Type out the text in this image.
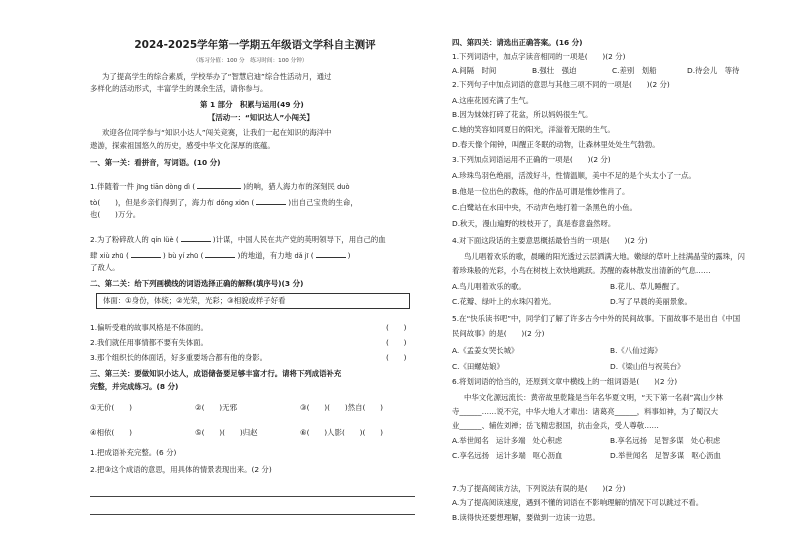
2024-2025学年第一学期五年级语文学科自主测评
（练习分值：100 分　练习时间：100 分钟）
为了提高学生的综合素质，学校举办了“智慧启迪”综合性活动月，通过
多样化的活动形式，丰富学生的课余生活，请你参与。
第 1 部分　积累与运用(49 分)
【活动一：“知识达人”小闯关】
欢迎各位同学参与“知识小达人”闯关竞赛，让我们一起在知识的海洋中
遨游，探索祖国悠久的历史，感受中华文化深厚的底蕴。
一、第一关：看拼音，写词语。(10 分)
1.伴随着一件 jīng tiān dòng dì (	)的响，猎人海力布的深刻民 duò
tò(　　)，但是乡亲们得到了，海力布 dǒng xiōn (	)出自己宝贵的生命，
也(　　)万分。
2.为了粉碎敌人的 qín lüè (	)计谋，中国人民在共产党的英明领导下，用自己的血
肆 xiù zhū (	) bù yí zhū (	)的地道，有力地 dǎ jī (	)
了敌人。
二、第二关：给下列画横线的词语选择正确的解释(填序号)(3 分)
体面：①身份，体统；②光荣，光彩；③相貌或样子好看
1.偏听受难的故事风格是不体面的。	(　　)
2.我们就任用事情都不要有失体面。	(　　)
3.那个组织长的体面话，好多重要场合都有他的身影。	(　　)
三、第三关：要做知识小达人，成语储备要足够丰富才行。请将下列成语补充
完整，并完成练习。(8 分)
①无价(　　)	②(　　)无邪	③(　　)(　　)然自(　　)
④相依(　　)	⑤(　　)(　　)归赵	⑥(　　)人影(　　)(　　)
1.把成语补充完整。(6 分)
2.把③这个成语的意思，用具体的情景表现出来。(2 分)
四、第四关：请选出正确答案。(16 分)
1.下列词语中，加点字读音相同的一项是(　　)(2 分)
A.间隔　时间	B.强壮　强迫	C.差别　划船	D.待会儿　等待
2.下列句子中加点词语的意思与其他三项不同的一项是(　　)(2 分)
A.这座花园充满了生气。
B.因为妹妹打碎了花盆，所以妈妈很生气。
C.她的笑容如同夏日的阳光，洋溢着无限的生气。
D.春天像个闹钟，叫醒正冬眠的动物，让森林里处处生气勃勃。
3.下列加点词语运用不正确的一项是(　　)(2 分)
A.珍珠鸟羽色绝丽，活泼好斗，性情温顺，美中不足的是个头太小了一点。
B.他是一位出色的教练，他的作品可谓是惟妙惟肖了。
C.白鹭站在水田中央，不动声色地打着一条黑色的小鱼。
D.秋天，漫山遍野的枝枝开了，真是春意盎然呀。
4.对下面这段话的主要意思概括最恰当的一项是(　　)(2 分)
鸟儿唱着欢乐的歌，晨曦的阳光透过云层洒满大地。嫩绿的草叶上挂满晶莹的露珠，闪
着珍珠般的光彩，小鸟在树枝上欢快地跳跃。苏醒的森林散发出清新的气息……
A.鸟儿唱着欢乐的歌。	B.花儿、草儿睡醒了。
C.花瓣、绿叶上的水珠闪着光。	D.写了早晨的美丽景象。
5.在“快乐读书吧”中，同学们了解了许多古今中外的民间故事。下面故事不是出自《中国
民间故事》的是(　　)(2 分)
A.《孟姜女哭长城》	B.《八仙过海》
C.《田螺姑娘》	D.《梁山伯与祝英台》
6.将划词语的恰当的，还原到文章中横线上的一组词语是(　　)(2 分)
中华文化源远流长：黄帝故里乾隆是当年名华夏文明，“天下第一名刹”嵩山少林
寺______……说不完，中华大地人才辈出：诸葛亮______，料事如神，为了蜀汉大
业______、辅佐刘禅；岳飞精忠报国，抗击金兵，受人尊敬……
A.举世闻名 运计多端 处心积虑	B.享名远扬 足智多谋 处心积虑
C.享名远扬 运计多端 呕心沥血	D.举世闻名 足智多谋 呕心沥血
7.为了提高阅读方法，下列说法有误的是(　　)(2 分)
A.为了提高阅读速度，遇到不懂的词语在不影响理解的情况下可以跳过不看。
B.读得快还要想理解，要做到一边读一边思。
